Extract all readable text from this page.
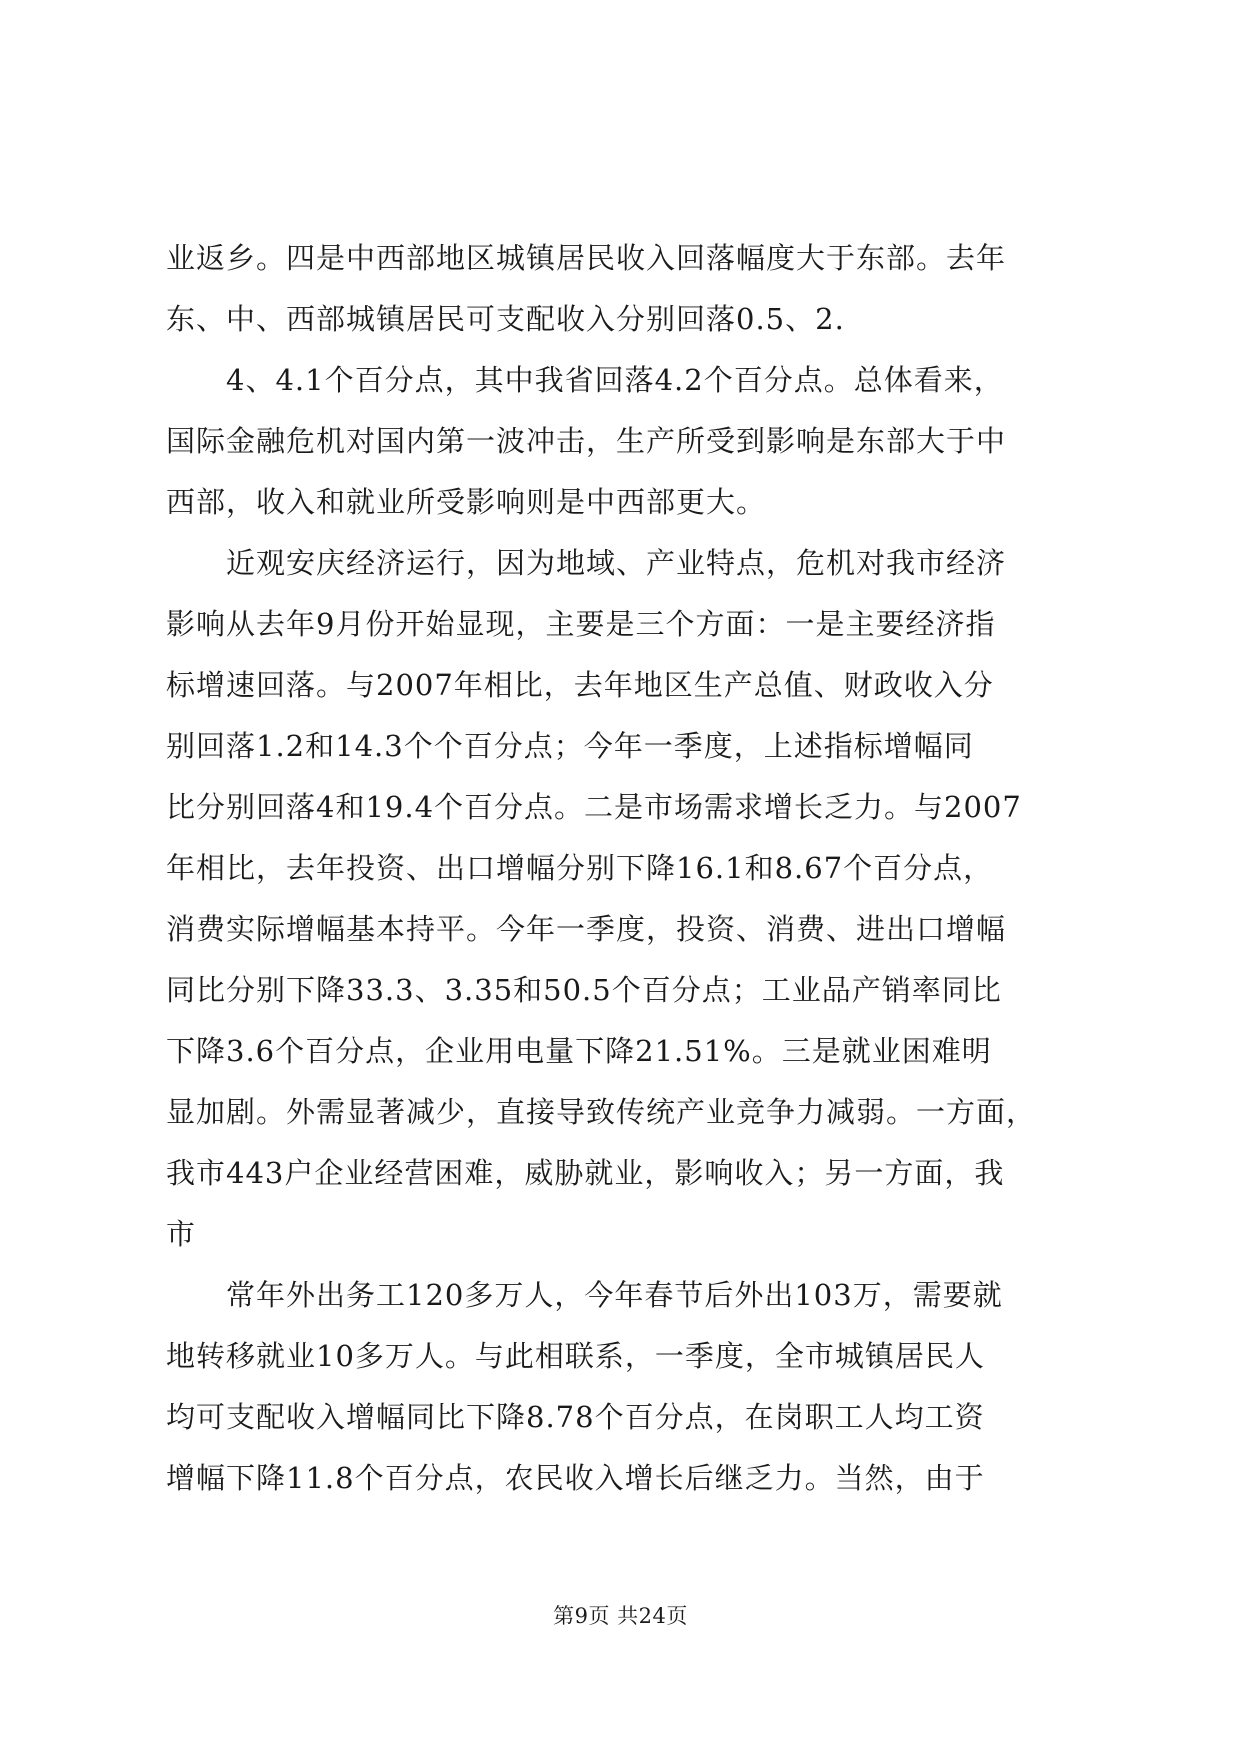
业返乡。四是中西部地区城镇居民收入回落幅度大于东部。去年
东、中、西部城镇居民可支配收入分别回落0.5、2.

4、4.1个百分点，其中我省回落4.2个百分点。总体看来，
国际金融危机对国内第一波冲击，生产所受到影响是东部大于中
西部，收入和就业所受影响则是中西部更大。

近观安庆经济运行，因为地域、产业特点，危机对我市经济
影响从去年9月份开始显现，主要是三个方面：一是主要经济指
标增速回落。与2007年相比，去年地区生产总值、财政收入分
别回落1.2和14.3个个百分点；今年一季度，上述指标增幅同
比分别回落4和19.4个百分点。二是市场需求增长乏力。与2007
年相比，去年投资、出口增幅分别下降16.1和8.67个百分点，
消费实际增幅基本持平。今年一季度，投资、消费、进出口增幅
同比分别下降33.3、3.35和50.5个百分点；工业品产销率同比
下降3.6个百分点，企业用电量下降21.51%。三是就业困难明
显加剧。外需显著减少，直接导致传统产业竞争力减弱。一方面，
我市443户企业经营困难，威胁就业，影响收入；另一方面，我
市

常年外出务工120多万人，今年春节后外出103万，需要就
地转移就业10多万人。与此相联系，一季度，全市城镇居民人
均可支配收入增幅同比下降8.78个百分点，在岗职工人均工资
增幅下降11.8个百分点，农民收入增长后继乏力。当然，由于

第9页 共24页
